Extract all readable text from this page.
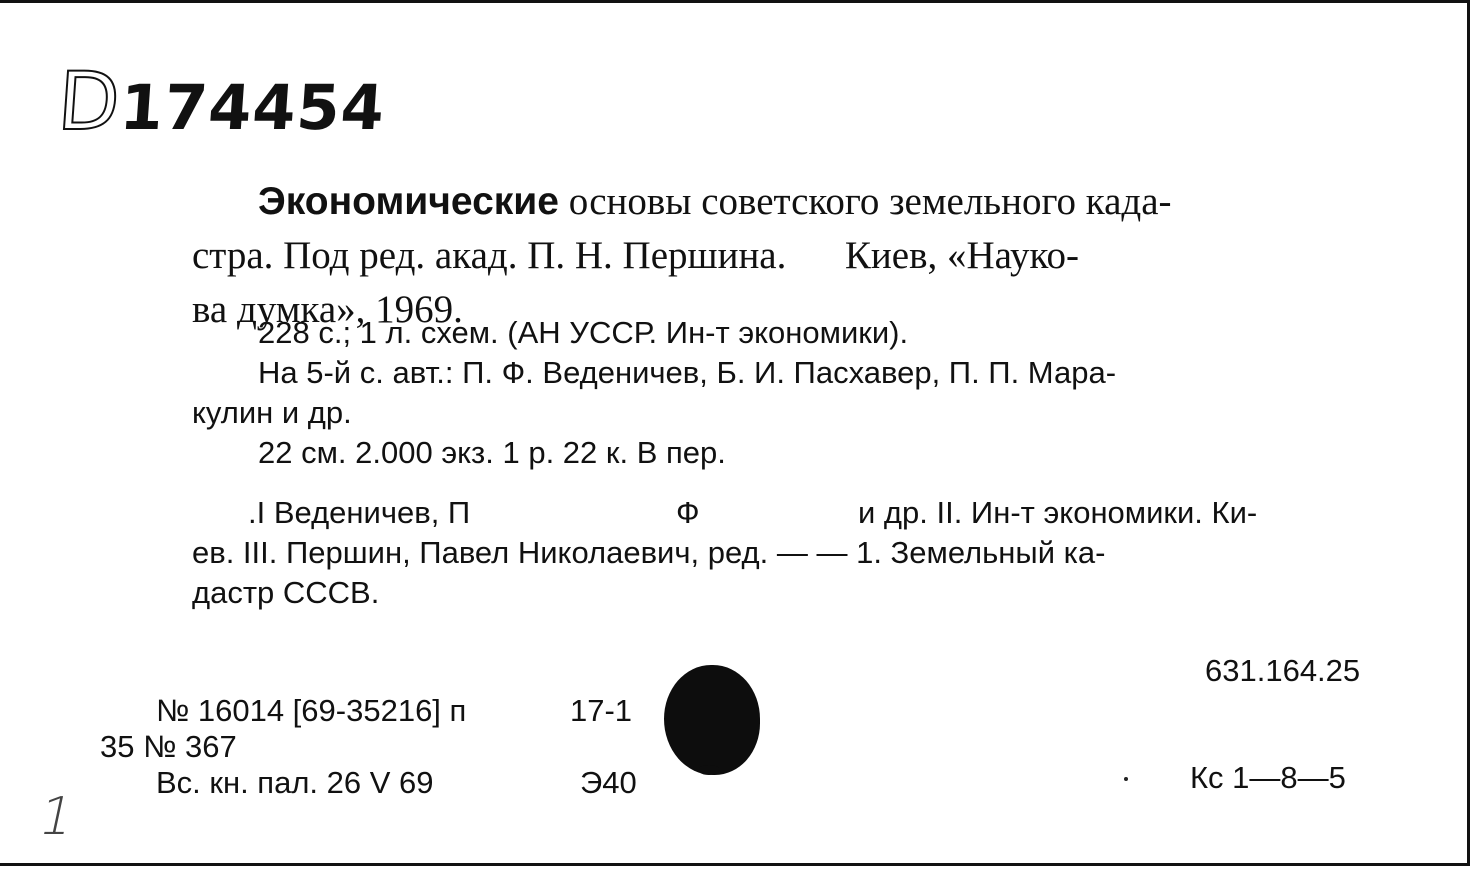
D174454
Экономические основы советского земельного када-
стра. Под ред. акад. П. Н. Першина.      Киев, «Науко-
ва думка», 1969.
228 с.; 1 л. схем. (АН УССР. Ин-т экономики).
На 5-й с. авт.: П. Ф. Веденичев, Б. И. Пасхавер, П. П. Мара-
кулин и др.
22 см. 2.000 экз. 1 р. 22 к. В пер.
.I Веденичев, П	Ф	и др. II. Ин-т экономики. Ки-
ев. III. Першин, Павел Николаевич, ред. — — 1. Земельный ка-
дастр СССВ.
631.164.25
№ 16014 [69-35216] п	17-1
35 № 367
Вс. кн. пал. 26 V 69	Э40	Кс 1—8—5
1
